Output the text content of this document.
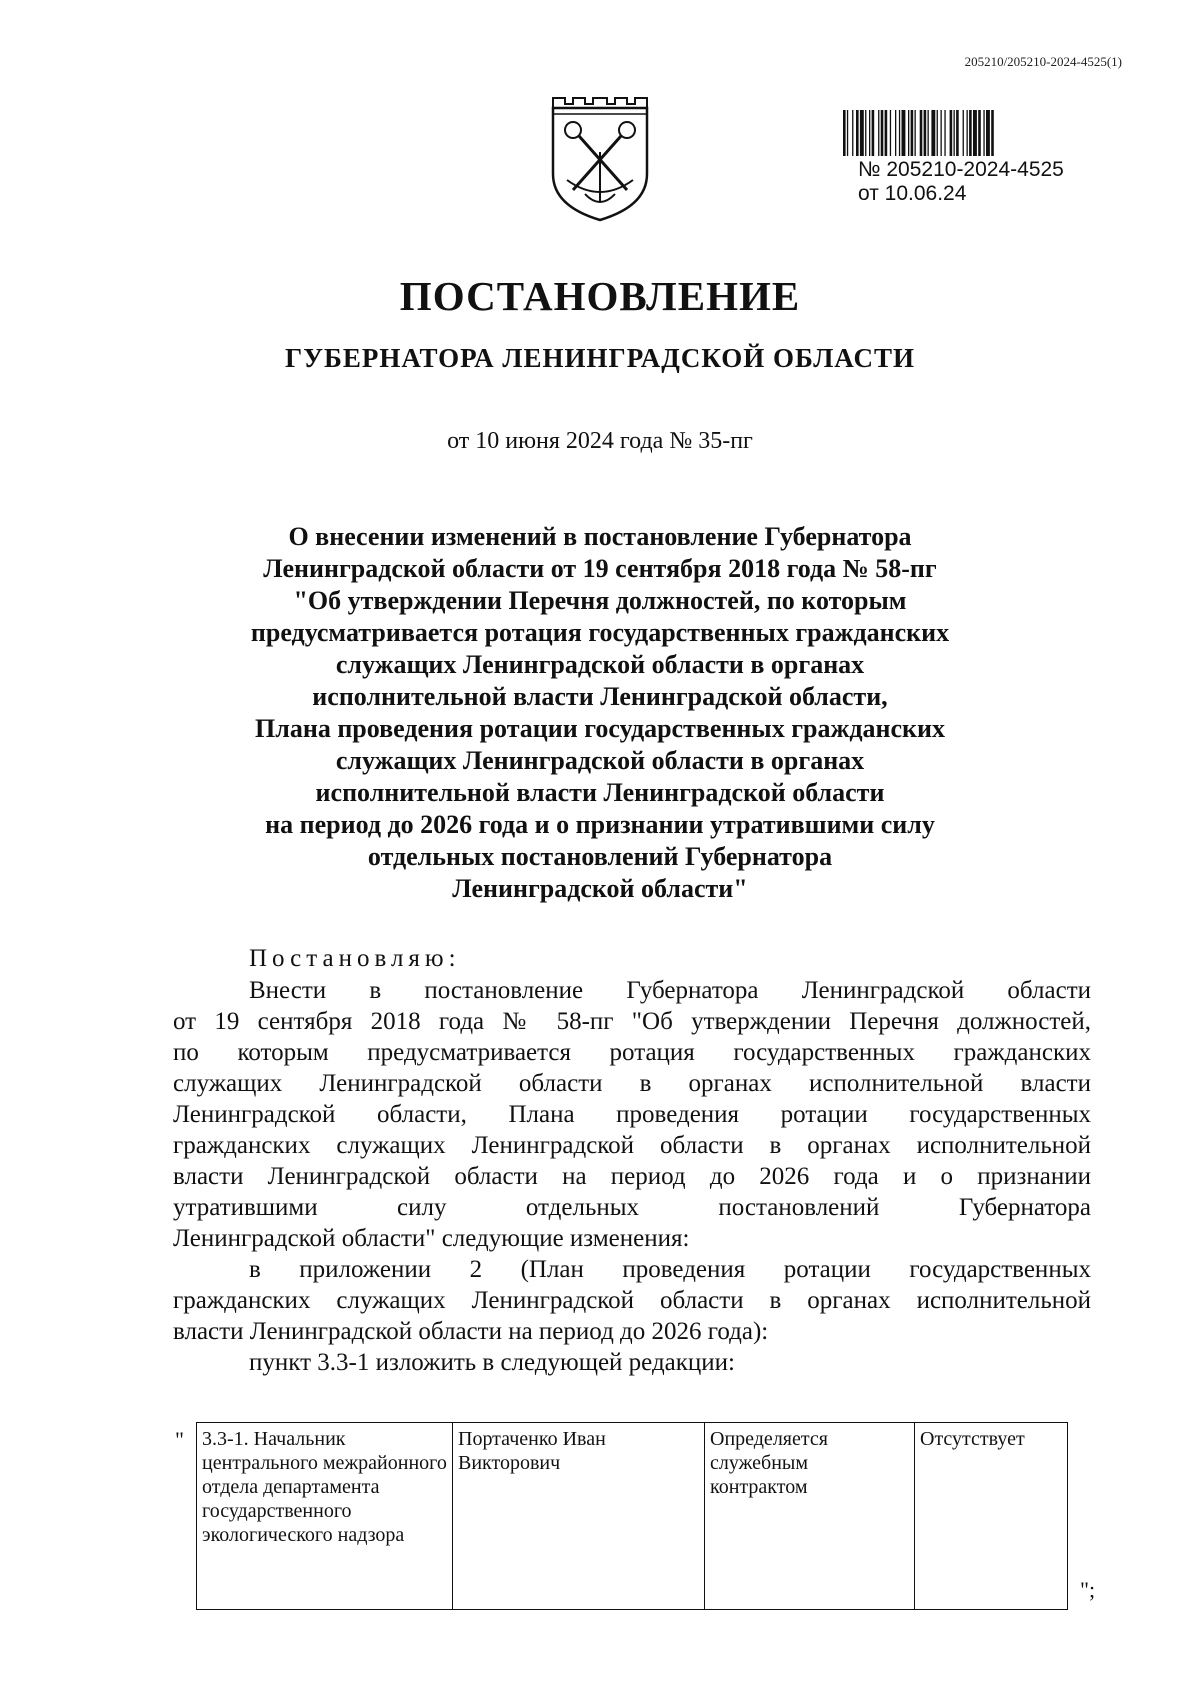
205210/205210-2024-4525(1)
№ 205210-2024-4525
от 10.06.24
ПОСТАНОВЛЕНИЕ
ГУБЕРНАТОРА ЛЕНИНГРАДСКОЙ ОБЛАСТИ
от 10 июня 2024 года № 35-пг
О внесении изменений в постановление Губернатора
Ленинградской области от 19 сентября 2018 года № 58-пг
"Об утверждении Перечня должностей, по которым
предусматривается ротация государственных гражданских
служащих Ленинградской области в органах
исполнительной власти Ленинградской области,
Плана проведения ротации государственных гражданских
служащих Ленинградской области в органах
исполнительной власти Ленинградской области
на период до 2026 года и о признании утратившими силу
отдельных постановлений Губернатора
Ленинградской области"
Постановляю:
Внести в постановление Губернатора Ленинградской области
от 19 сентября 2018 года № 58-пг "Об утверждении Перечня должностей,
по которым предусматривается ротация государственных гражданских
служащих Ленинградской области в органах исполнительной власти
Ленинградской области, Плана проведения ротации государственных
гражданских служащих Ленинградской области в органах исполнительной
власти Ленинградской области на период до 2026 года и о признании
утратившими силу отдельных постановлений Губернатора
Ленинградской области" следующие изменения:
в приложении 2 (План проведения ротации государственных
гражданских служащих Ленинградской области в органах исполнительной
власти Ленинградской области на период до 2026 года):
пункт 3.3-1 изложить в следующей редакции:
" 3.3-1. Начальник центрального межрайонного отдела департамента государственного экологического надзора	Портаченко Иван Викторович	Определяется служебным контрактом	Отсутствует
";
